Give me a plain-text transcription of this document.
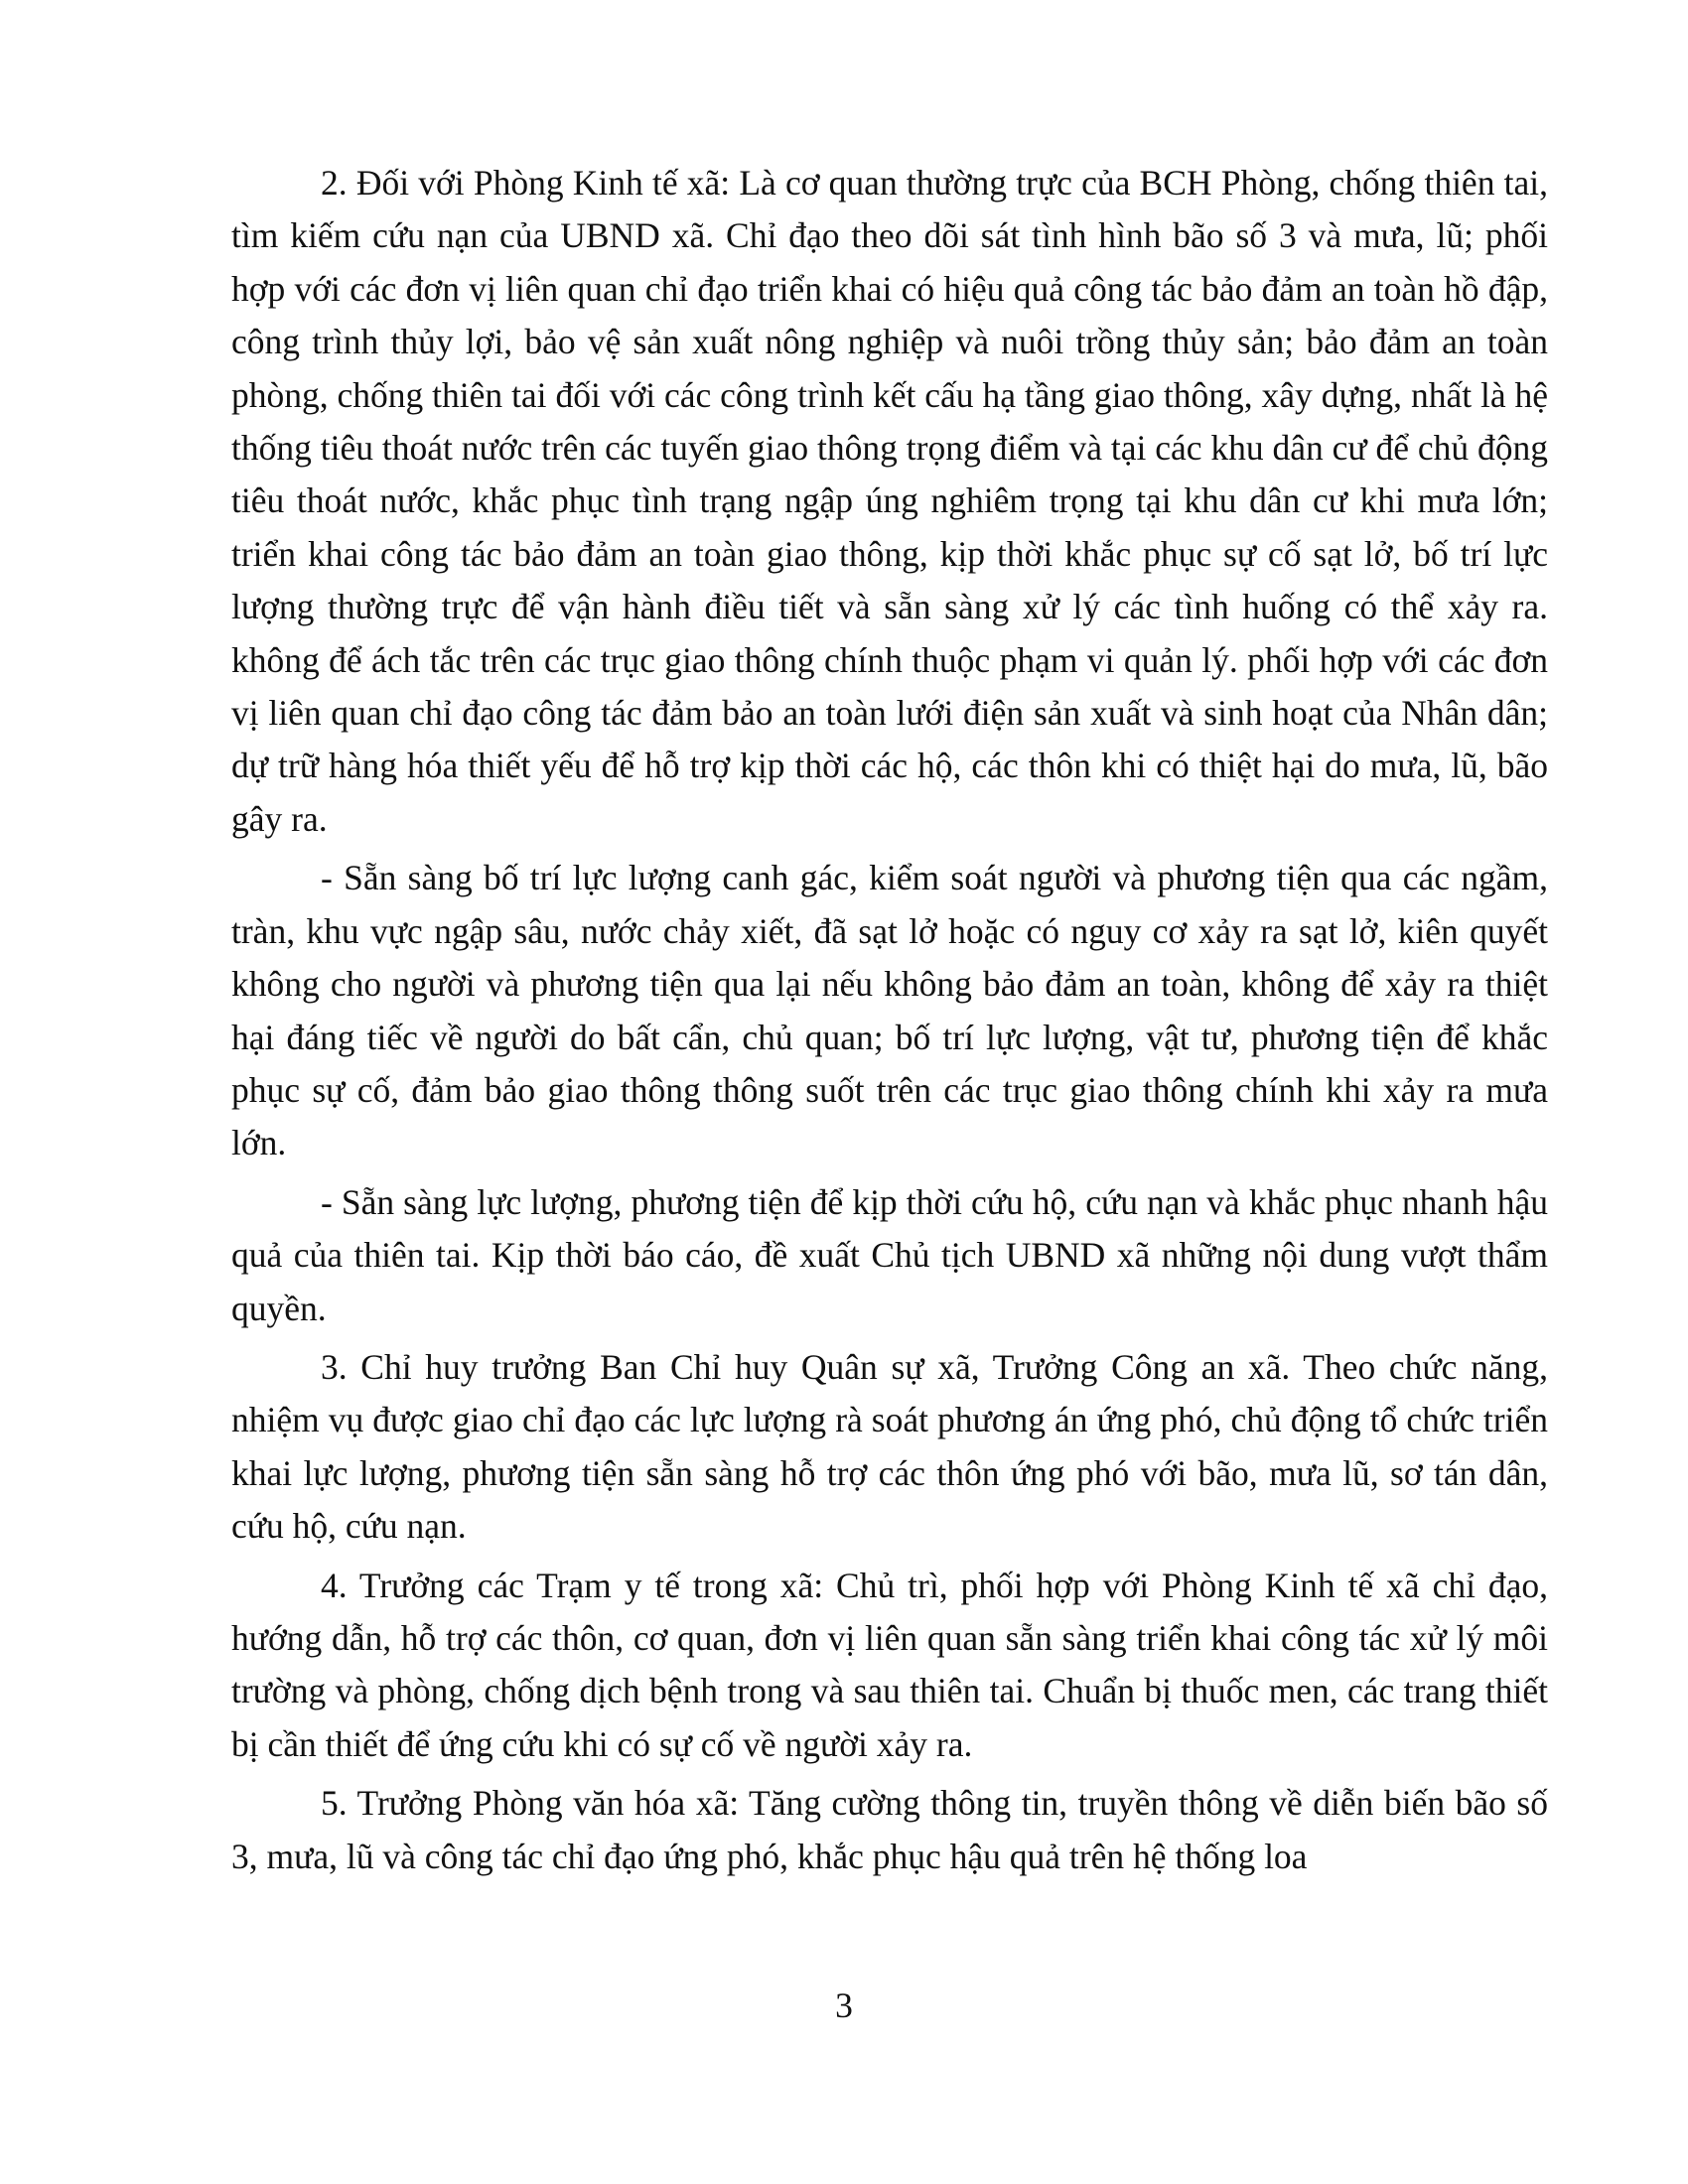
2. Đối với Phòng Kinh tế xã: Là cơ quan thường trực của BCH Phòng, chống thiên tai, tìm kiếm cứu nạn của UBND xã. Chỉ đạo theo dõi sát tình hình bão số 3 và mưa, lũ; phối hợp với các đơn vị liên quan chỉ đạo triển khai có hiệu quả công tác bảo đảm an toàn hồ đập, công trình thủy lợi, bảo vệ sản xuất nông nghiệp và nuôi trồng thủy sản; bảo đảm an toàn phòng, chống thiên tai đối với các công trình kết cấu hạ tầng giao thông, xây dựng, nhất là hệ thống tiêu thoát nước trên các tuyến giao thông trọng điểm và tại các khu dân cư để chủ động tiêu thoát nước, khắc phục tình trạng ngập úng nghiêm trọng tại khu dân cư khi mưa lớn; triển khai công tác bảo đảm an toàn giao thông, kịp thời khắc phục sự cố sạt lở, bố trí lực lượng thường trực để vận hành điều tiết và sẵn sàng xử lý các tình huống có thể xảy ra. không để ách tắc trên các trục giao thông chính thuộc phạm vi quản lý. phối hợp với các đơn vị liên quan chỉ đạo công tác đảm bảo an toàn lưới điện sản xuất và sinh hoạt của Nhân dân; dự trữ hàng hóa thiết yếu để hỗ trợ kịp thời các hộ, các thôn khi có thiệt hại do mưa, lũ, bão gây ra.

- Sẵn sàng bố trí lực lượng canh gác, kiểm soát người và phương tiện qua các ngầm, tràn, khu vực ngập sâu, nước chảy xiết, đã sạt lở hoặc có nguy cơ xảy ra sạt lở, kiên quyết không cho người và phương tiện qua lại nếu không bảo đảm an toàn, không để xảy ra thiệt hại đáng tiếc về người do bất cẩn, chủ quan; bố trí lực lượng, vật tư, phương tiện để khắc phục sự cố, đảm bảo giao thông thông suốt trên các trục giao thông chính khi xảy ra mưa lớn.

- Sẵn sàng lực lượng, phương tiện để kịp thời cứu hộ, cứu nạn và khắc phục nhanh hậu quả của thiên tai. Kịp thời báo cáo, đề xuất Chủ tịch UBND xã những nội dung vượt thẩm quyền.

3. Chỉ huy trưởng Ban Chỉ huy Quân sự xã, Trưởng Công an xã. Theo chức năng, nhiệm vụ được giao chỉ đạo các lực lượng rà soát phương án ứng phó, chủ động tổ chức triển khai lực lượng, phương tiện sẵn sàng hỗ trợ các thôn ứng phó với bão, mưa lũ, sơ tán dân, cứu hộ, cứu nạn.

4. Trưởng các Trạm y tế trong xã: Chủ trì, phối hợp với Phòng Kinh tế xã chỉ đạo, hướng dẫn, hỗ trợ các thôn, cơ quan, đơn vị liên quan sẵn sàng triển khai công tác xử lý môi trường và phòng, chống dịch bệnh trong và sau thiên tai. Chuẩn bị thuốc men, các trang thiết bị cần thiết để ứng cứu khi có sự cố về người xảy ra.

5. Trưởng Phòng văn hóa xã: Tăng cường thông tin, truyền thông về diễn biến bão số 3, mưa, lũ và công tác chỉ đạo ứng phó, khắc phục hậu quả trên hệ thống loa

3
